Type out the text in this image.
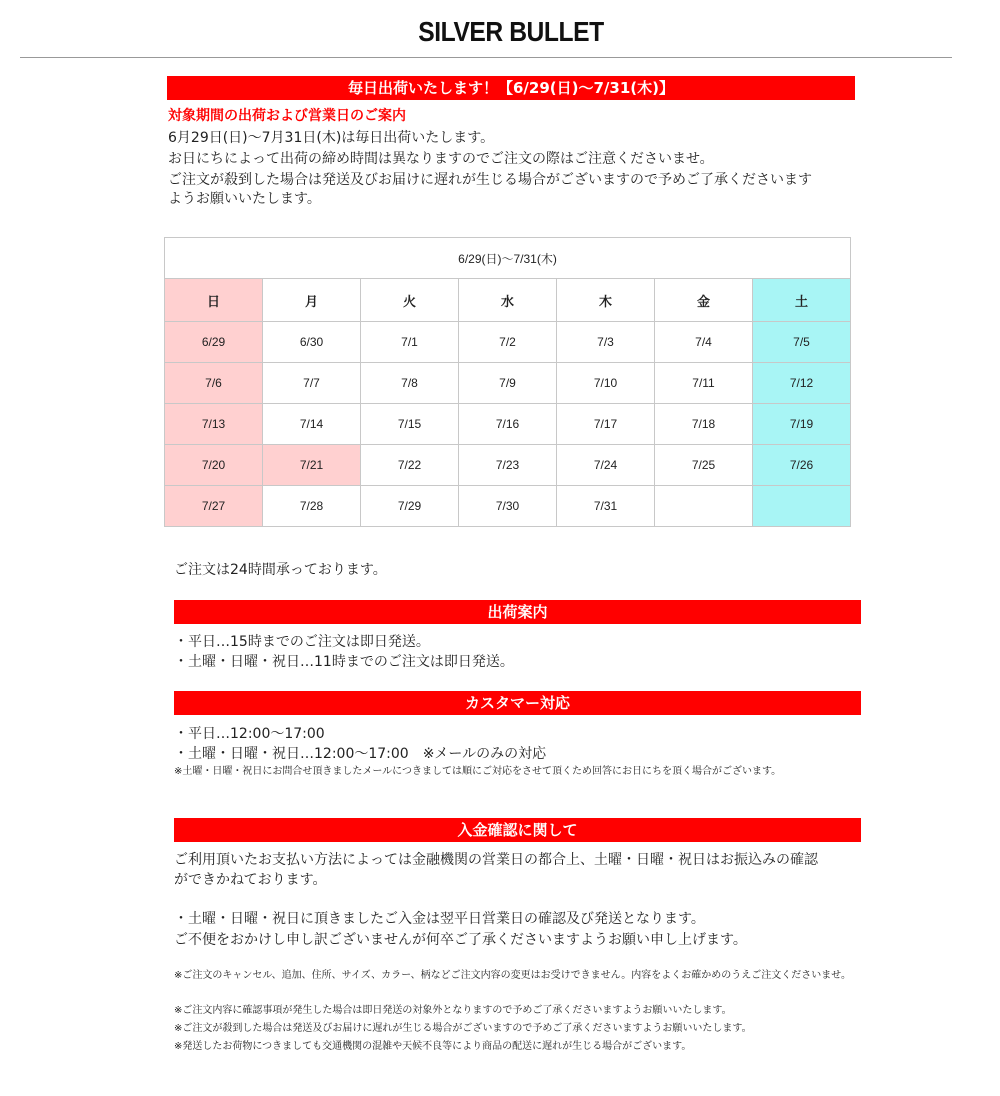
SILVER BULLET
毎日出荷いたします！【6/29(日)〜7/31(木)】
対象期間の出荷および営業日のご案内
6月29日(日)〜7月31日(木)は毎日出荷いたします。
お日にちによって出荷の締め時間は異なりますのでご注文の際はご注意くださいませ。
ご注文が殺到した場合は発送及びお届けに遅れが生じる場合がございますので予めご了承くださいます
ようお願いいたします。
6/29(日)〜7/31(木)						
日	月	火	水	木	金	土
6/29	6/30	7/1	7/2	7/3	7/4	7/5
7/6	7/7	7/8	7/9	7/10	7/11	7/12
7/13	7/14	7/15	7/16	7/17	7/18	7/19
7/20	7/21	7/22	7/23	7/24	7/25	7/26
7/27	7/28	7/29	7/30	7/31		
ご注文は24時間承っております。
出荷案内
・平日…15時までのご注文は即日発送。
・土曜・日曜・祝日…11時までのご注文は即日発送。
カスタマー対応
・平日…12:00〜17:00
・土曜・日曜・祝日…12:00〜17:00　※メールのみの対応
※土曜・日曜・祝日にお問合せ頂きましたメールにつきましては順にご対応をさせて頂くため回答にお日にちを頂く場合がございます。
入金確認に関して
ご利用頂いたお支払い方法によっては金融機関の営業日の都合上、土曜・日曜・祝日はお振込みの確認
ができかねております。
・土曜・日曜・祝日に頂きましたご入金は翌平日営業日の確認及び発送となります。
ご不便をおかけし申し訳ございませんが何卒ご了承くださいますようお願い申し上げます。
※ご注文のキャンセル、追加、住所、サイズ、カラー、柄などご注文内容の変更はお受けできません。内容をよくお確かめのうえご注文くださいませ。
※ご注文内容に確認事項が発生した場合は即日発送の対象外となりますので予めご了承くださいますようお願いいたします。
※ご注文が殺到した場合は発送及びお届けに遅れが生じる場合がございますので予めご了承くださいますようお願いいたします。
※発送したお荷物につきましても交通機関の混雑や天候不良等により商品の配送に遅れが生じる場合がございます。
